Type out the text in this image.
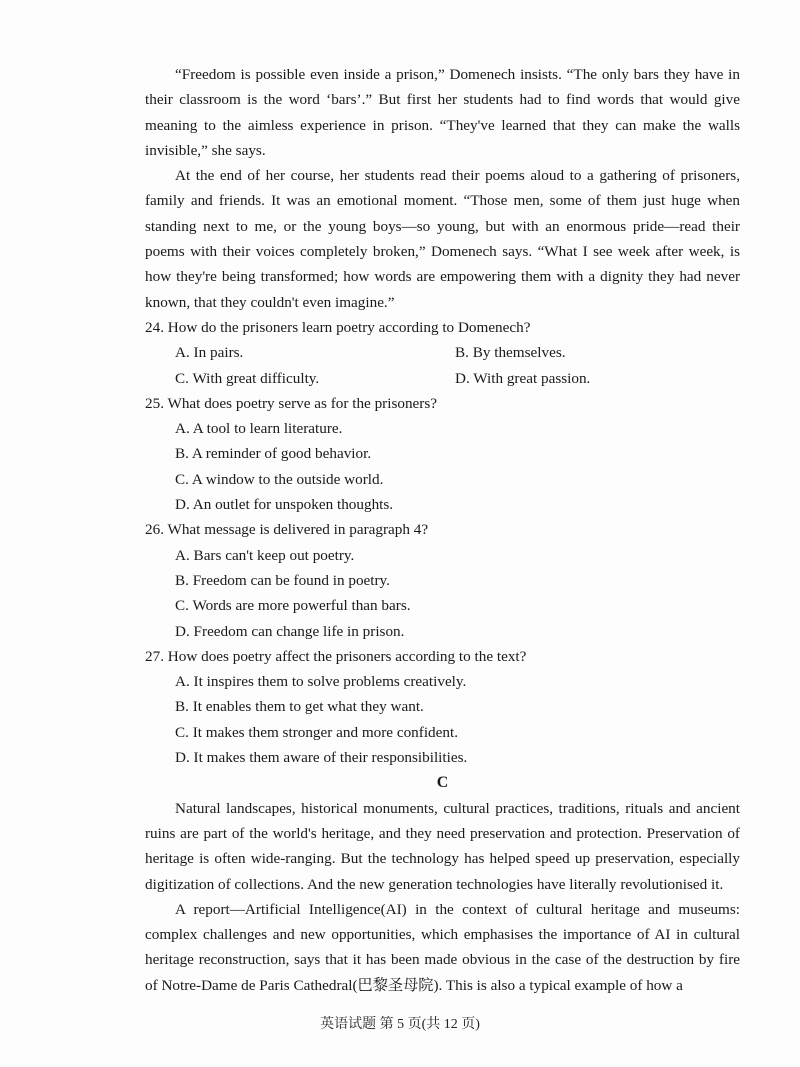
“Freedom is possible even inside a prison,” Domenech insists. “The only bars they have in their classroom is the word ‘bars’.” But first her students had to find words that would give meaning to the aimless experience in prison. “They've learned that they can make the walls invisible,” she says.

At the end of her course, her students read their poems aloud to a gathering of prisoners, family and friends. It was an emotional moment. “Those men, some of them just huge when standing next to me, or the young boys—so young, but with an enormous pride—read their poems with their voices completely broken,” Domenech says. “What I see week after week, is how they're being transformed; how words are empowering them with a dignity they had never known, that they couldn't even imagine.”

24. How do the prisoners learn poetry according to Domenech?

A. In pairs.	B. By themselves.
C. With great difficulty.	D. With great passion.

25. What does poetry serve as for the prisoners?

A. A tool to learn literature.

B. A reminder of good behavior.

C. A window to the outside world.

D. An outlet for unspoken thoughts.

26. What message is delivered in paragraph 4?

A. Bars can't keep out poetry.

B. Freedom can be found in poetry.

C. Words are more powerful than bars.

D. Freedom can change life in prison.

27. How does poetry affect the prisoners according to the text?

A. It inspires them to solve problems creatively.

B. It enables them to get what they want.

C. It makes them stronger and more confident.

D. It makes them aware of their responsibilities.

C

Natural landscapes, historical monuments, cultural practices, traditions, rituals and ancient ruins are part of the world's heritage, and they need preservation and protection. Preservation of heritage is often wide-ranging. But the technology has helped speed up preservation, especially digitization of collections. And the new generation technologies have literally revolutionised it.

A report—Artificial Intelligence(AI) in the context of cultural heritage and museums: complex challenges and new opportunities, which emphasises the importance of AI in cultural heritage reconstruction, says that it has been made obvious in the case of the destruction by fire of Notre-Dame de Paris Cathedral(巴黎圣母院). This is also a typical example of how a

英语试题 第 5 页(共 12 页)
